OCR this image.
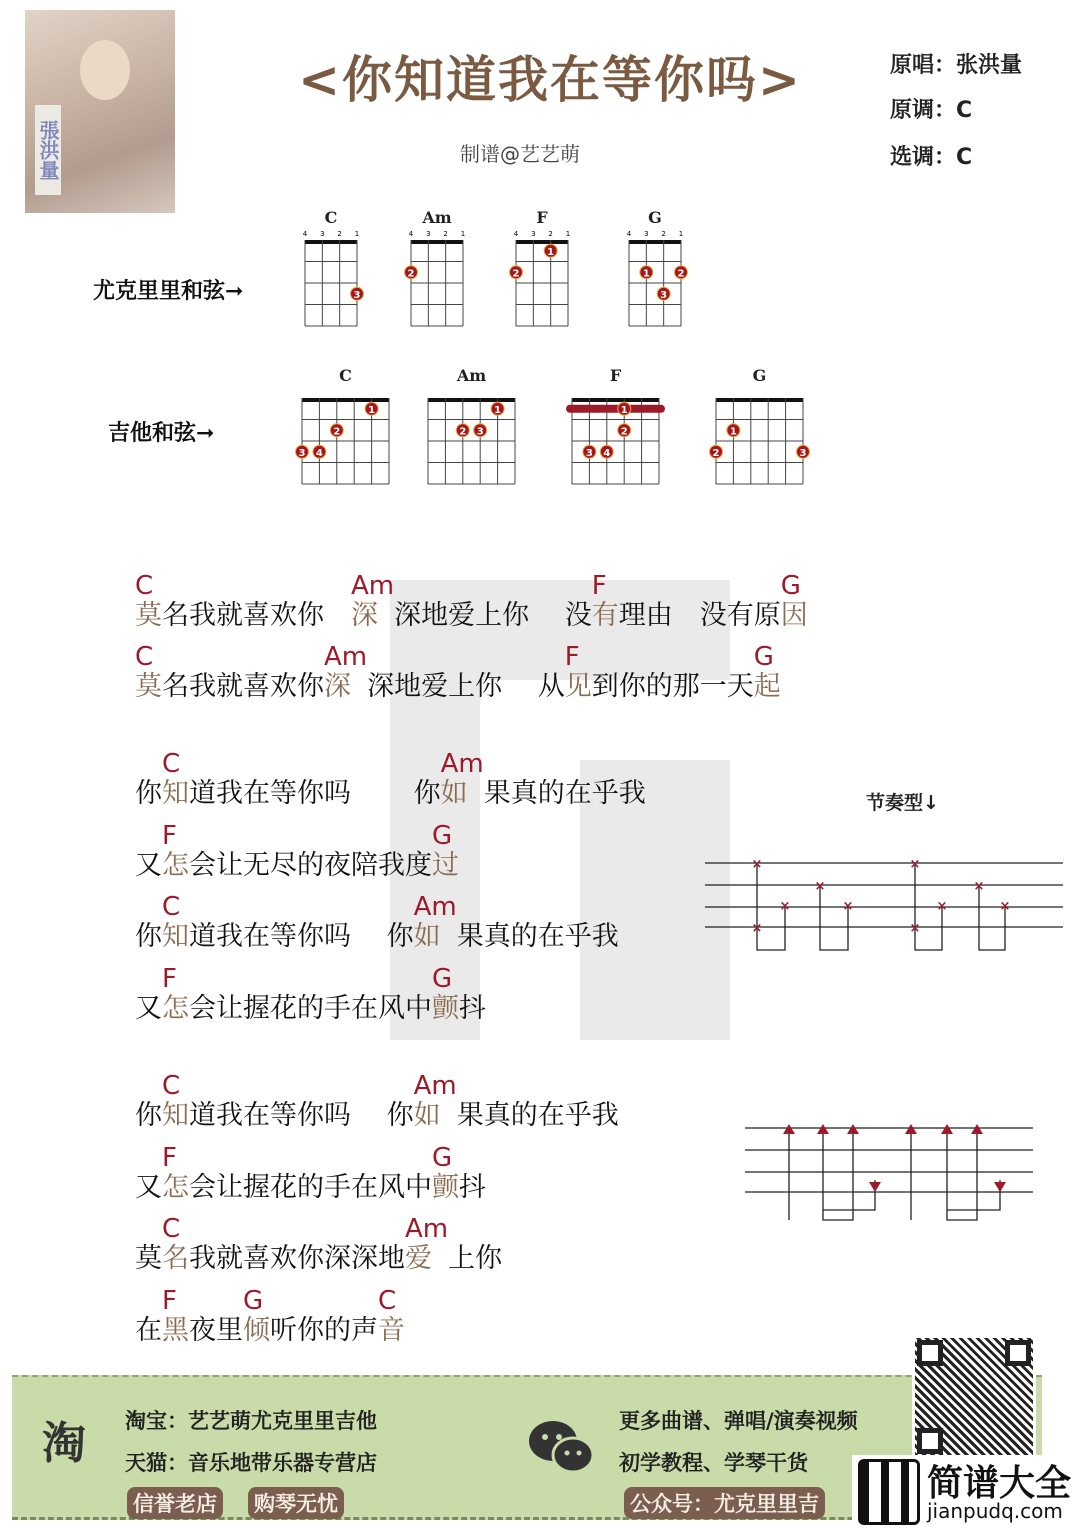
張洪量
<你知道我在等你吗>
制谱@艺艺萌
原唱：张洪量
原调：C
选调：C
尤克里里和弦➞
吉他和弦➞
4 3 2 1
3
4 3 2 1
2
4 3 2 1
1
2
4 3 2 1
1	2
3
1
2
3 4
1
2 3
1
2
3 4
1
2	3
C
莫 名我就喜欢你　
Am
深 深地爱上你　 没
F
有 理由　没有原
G
因
C
莫 名我就喜欢你
Am
深 深地爱上你　 从
F
见 到你的那一天
G
起
你
C
知 道我在等你吗　　 你
Am
如 果真的在乎我
又
F
怎 会让无尽的夜陪我度
G
过
你
C
知 道我在等你吗　 你
Am
如 果真的在乎我
又
F
怎 会让握花的手在风中
G
颤 抖
你
C
知 道我在等你吗　 你
Am
如 果真的在乎我
又
F
怎 会让握花的手在风中
G
颤 抖
莫
C
名 我就喜欢你深深地
Am
爱 上你
在
F
黑 夜里
G
倾 听你的声
C
音
节奏型↓
×
×
×
×
×
×
×
×
×
×
淘 淘宝：艺艺萌尤克里里吉他
天猫：音乐地带乐器专营店
信誉老店 购琴无忧
更多曲谱、弹唱/演奏视频
初学教程、学琴干货
公众号：尤克里里吉	简谱大全
jianpudq.com
C	Am	F	G
C	Am	F	G
